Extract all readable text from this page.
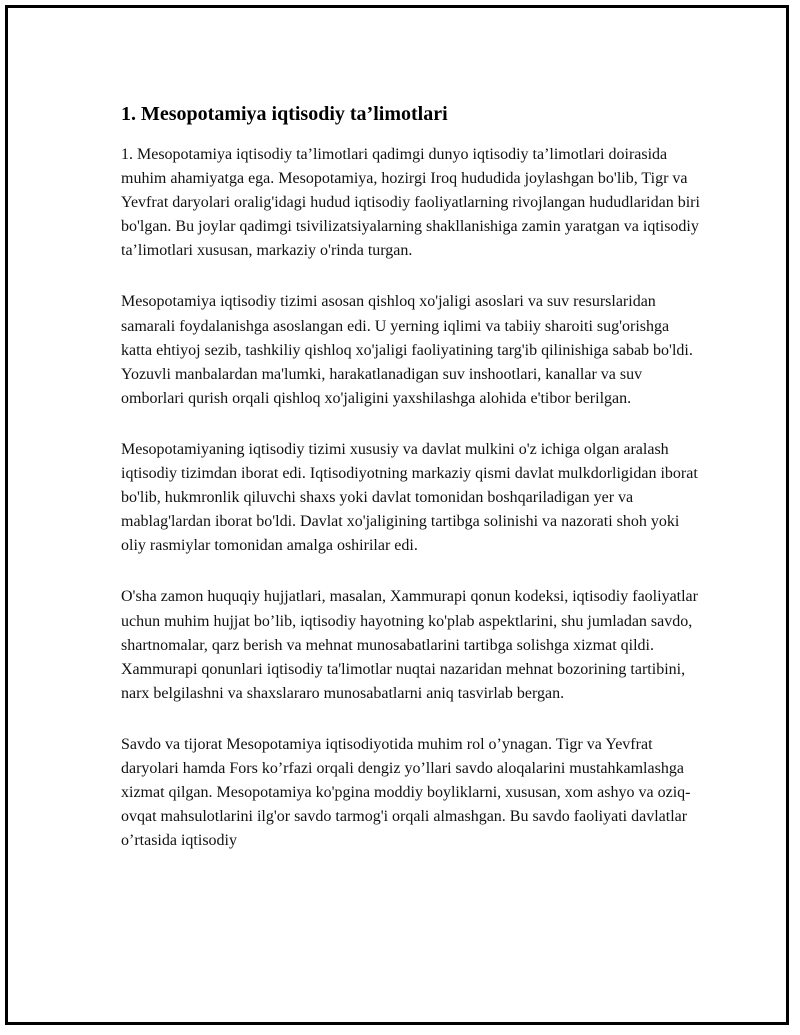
1. Mesopotamiya iqtisodiy ta’limotlari

1. Mesopotamiya iqtisodiy ta’limotlari qadimgi dunyo iqtisodiy ta’limotlari doirasida muhim ahamiyatga ega. Mesopotamiya, hozirgi Iroq hududida joylashgan bo'lib, Tigr va Yevfrat daryolari oralig'idagi hudud iqtisodiy faoliyatlarning rivojlangan hududlaridan biri bo'lgan. Bu joylar qadimgi tsivilizatsiyalarning shakllanishiga zamin yaratgan va iqtisodiy ta’limotlari xususan, markaziy o'rinda turgan.

Mesopotamiya iqtisodiy tizimi asosan qishloq xo'jaligi asoslari va suv resurslaridan samarali foydalanishga asoslangan edi. U yerning iqlimi va tabiiy sharoiti sug'orishga katta ehtiyoj sezib, tashkiliy qishloq xo'jaligi faoliyatining targ'ib qilinishiga sabab bo'ldi. Yozuvli manbalardan ma'lumki, harakatlanadigan suv inshootlari, kanallar va suv omborlari qurish orqali qishloq xo'jaligini yaxshilashga alohida e'tibor berilgan.

Mesopotamiyaning iqtisodiy tizimi xususiy va davlat mulkini o'z ichiga olgan aralash iqtisodiy tizimdan iborat edi. Iqtisodiyotning markaziy qismi davlat mulkdorligidan iborat bo'lib, hukmronlik qiluvchi shaxs yoki davlat tomonidan boshqariladigan yer va mablag'lardan iborat bo'ldi. Davlat xo'jaligining tartibga solinishi va nazorati shoh yoki oliy rasmiylar tomonidan amalga oshirilar edi.

O'sha zamon huquqiy hujjatlari, masalan, Xammurapi qonun kodeksi, iqtisodiy faoliyatlar uchun muhim hujjat bo’lib, iqtisodiy hayotning ko'plab aspektlarini, shu jumladan savdo, shartnomalar, qarz berish va mehnat munosabatlarini tartibga solishga xizmat qildi. Xammurapi qonunlari iqtisodiy ta'limotlar nuqtai nazaridan mehnat bozorining tartibini, narx belgilashni va shaxslararo munosabatlarni aniq tasvirlab bergan.

Savdo va tijorat Mesopotamiya iqtisodiyotida muhim rol o’ynagan. Tigr va Yevfrat daryolari hamda Fors ko’rfazi orqali dengiz yo’llari savdo aloqalarini mustahkamlashga xizmat qilgan. Mesopotamiya ko'pgina moddiy boyliklarni, xususan, xom ashyo va oziq-ovqat mahsulotlarini ilg'or savdo tarmog'i orqali almashgan. Bu savdo faoliyati davlatlar o’rtasida iqtisodiy
